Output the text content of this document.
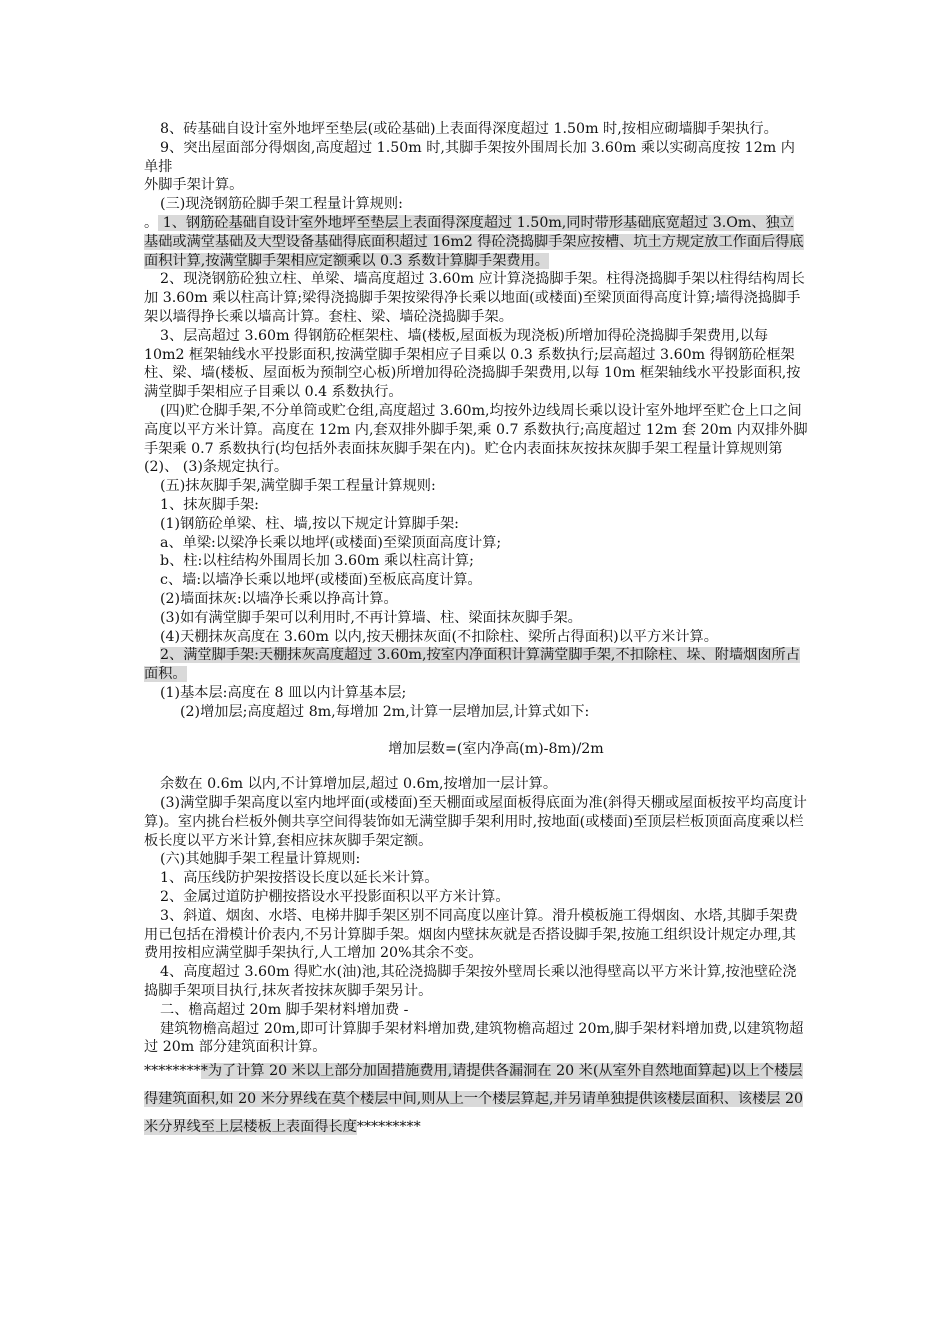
8、砖基础自设计室外地坪至垫层(或砼基础)上表面得深度超过 1.50m 时,按相应砌墙脚手架执行。

9、突出屋面部分得烟囱,高度超过 1.50m 时,其脚手架按外围周长加 3.60m 乘以实砌高度按 12m 内单排

外脚手架计算。

(三)现浇钢筋砼脚手架工程量计算规则:

。 1、钢筋砼基础自设计室外地坪至垫层上表面得深度超过 1.50m,同时带形基础底宽超过 3.Om、独立基础或满堂基础及大型设备基础得底面积超过 16m2 得砼浇捣脚手架应按槽、坑土方规定放工作面后得底面积计算,按满堂脚手架相应定额乘以 0.3 系数计算脚手架费用。

2、现浇钢筋砼独立柱、单梁、墙高度超过 3.60m 应计算浇捣脚手架。柱得浇捣脚手架以柱得结构周长加 3.60m 乘以柱高计算;梁得浇捣脚手架按梁得净长乘以地面(或楼面)至梁顶面得高度计算;墙得浇捣脚手架以墙得挣长乘以墙高计算。套柱、梁、墙砼浇捣脚手架。

3、层高超过 3.60m 得钢筋砼框架柱、墙(楼板,屋面板为现浇板)所增加得砼浇捣脚手架费用,以每 10m2 框架轴线水平投影面积,按满堂脚手架相应子目乘以 0.3 系数执行;层高超过 3.60m 得钢筋砼框架柱、梁、墙(楼板、屋面板为预制空心板)所增加得砼浇捣脚手架费用,以每 10m 框架轴线水平投影面积,按满堂脚手架相应子目乘以 0.4 系数执行。

(四)贮仓脚手架,不分单筒或贮仓组,高度超过 3.60m,均按外边线周长乘以设计室外地坪至贮仓上口之间高度以平方米计算。高度在 12m 内,套双排外脚手架,乘 0.7 系数执行;高度超过 12m 套 20m 内双排外脚手架乘 0.7 系数执行(均包括外表面抹灰脚手架在内)。贮仓内表面抹灰按抹灰脚手架工程量计算规则第 (2)、 (3)条规定执行。

(五)抹灰脚手架,满堂脚手架工程量计算规则:

1、抹灰脚手架:

(1)钢筋砼单梁、柱、墙,按以下规定计算脚手架:

a、单梁:以梁净长乘以地坪(或楼面)至梁顶面高度计算;

b、柱:以柱结构外围周长加 3.60m 乘以柱高计算;

c、墙:以墙净长乘以地坪(或楼面)至板底高度计算。

(2)墙面抹灰:以墙净长乘以挣高计算。

(3)如有满堂脚手架可以利用时,不再计算墙、柱、梁面抹灰脚手架。

(4)天棚抹灰高度在 3.60m 以内,按天棚抹灰面(不扣除柱、梁所占得面积)以平方米计算。

2、满堂脚手架:天棚抹灰高度超过 3.60m,按室内净面积计算满堂脚手架,不扣除柱、垛、附墙烟囱所占面积。

(1)基本层:高度在 8 皿以内计算基本层;

(2)增加层;高度超过 8m,每增加 2m,计算一层增加层,计算式如下:

增加层数=(室内净高(m)-8m)/2m

余数在 0.6m 以内,不计算增加层,超过 0.6m,按增加一层计算。

(3)满堂脚手架高度以室内地坪面(或楼面)至天棚面或屋面板得底面为准(斜得天棚或屋面板按平均高度计算)。室内挑台栏板外侧共享空间得装饰如无满堂脚手架利用时,按地面(或楼面)至顶层栏板顶面高度乘以栏板长度以平方米计算,套相应抹灰脚手架定额。

(六)其她脚手架工程量计算规则:

1、高压线防护架按搭设长度以延长米计算。

2、金属过道防护棚按搭设水平投影面积以平方米计算。

3、斜道、烟囱、水塔、电梯井脚手架区别不同高度以座计算。滑升模板施工得烟囱、水塔,其脚手架费用已包括在滑模计价表内,不另计算脚手架。烟囱内壁抹灰就是否搭设脚手架,按施工组织设计规定办理,其费用按相应满堂脚手架执行,人工增加 20%其余不变。

4、高度超过 3.60m 得贮水(油)池,其砼浇捣脚手架按外壁周长乘以池得壁高以平方米计算,按池壁砼浇捣脚手架项目执行,抹灰者按抹灰脚手架另计。

二、檐高超过 20m 脚手架材料增加费 -

建筑物檐高超过 20m,即可计算脚手架材料增加费,建筑物檐高超过 20m,脚手架材料增加费,以建筑物超过 20m 部分建筑面积计算。

*********为了计算 20 米以上部分加固措施费用,请提供各漏洞在 20 米(从室外自然地面算起)以上个楼层得建筑面积,如 20 米分界线在莫个楼层中间,则从上一个楼层算起,并另请单独提供该楼层面积、该楼层 20 米分界线至上层楼板上表面得长度*********
